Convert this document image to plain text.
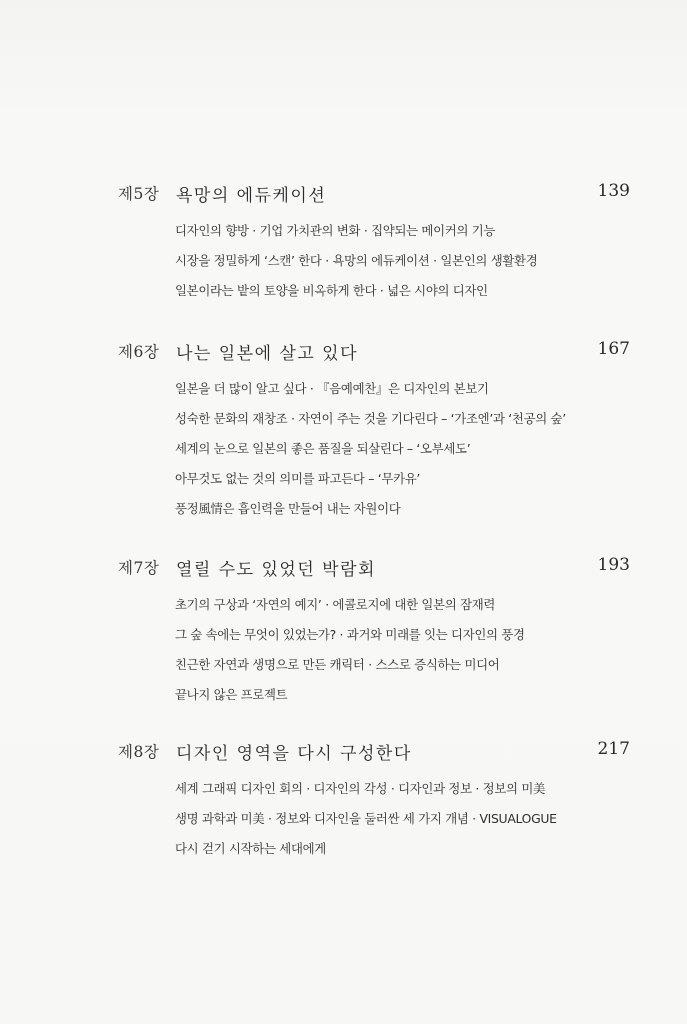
제5장 욕망의 에듀케이션	139
디자인의 향방 · 기업 가치관의 변화 · 집약되는 메이커의 기능
시장을 정밀하게 ‘스캔’ 한다 · 욕망의 에듀케이션 · 일본인의 생활환경
일본이라는 밭의 토양을 비옥하게 한다 · 넓은 시야의 디자인
제6장 나는 일본에 살고 있다	167
일본을 더 많이 알고 싶다 · 『음예예찬』은 디자인의 본보기
성숙한 문화의 재창조 · 자연이 주는 것을 기다린다 – ‘가조엔’과 ‘천공의 숲’
세계의 눈으로 일본의 좋은 품질을 되살린다 – ‘오부세도’
아무것도 없는 것의 의미를 파고든다 – ‘무카유’
풍정風情은 흡인력을 만들어 내는 자원이다
제7장 열릴 수도 있었던 박람회	193
초기의 구상과 ‘자연의 예지’ · 에콜로지에 대한 일본의 잠재력
그 숲 속에는 무엇이 있었는가? · 과거와 미래를 잇는 디자인의 풍경
친근한 자연과 생명으로 만든 캐릭터 · 스스로 증식하는 미디어
끝나지 않은 프로젝트
제8장 디자인 영역을 다시 구성한다	217
세계 그래픽 디자인 회의 · 디자인의 각성 · 디자인과 정보 · 정보의 미美
생명 과학과 미美 · 정보와 디자인을 둘러싼 세 가지 개념 · VISUALOGUE
다시 걷기 시작하는 세대에게
